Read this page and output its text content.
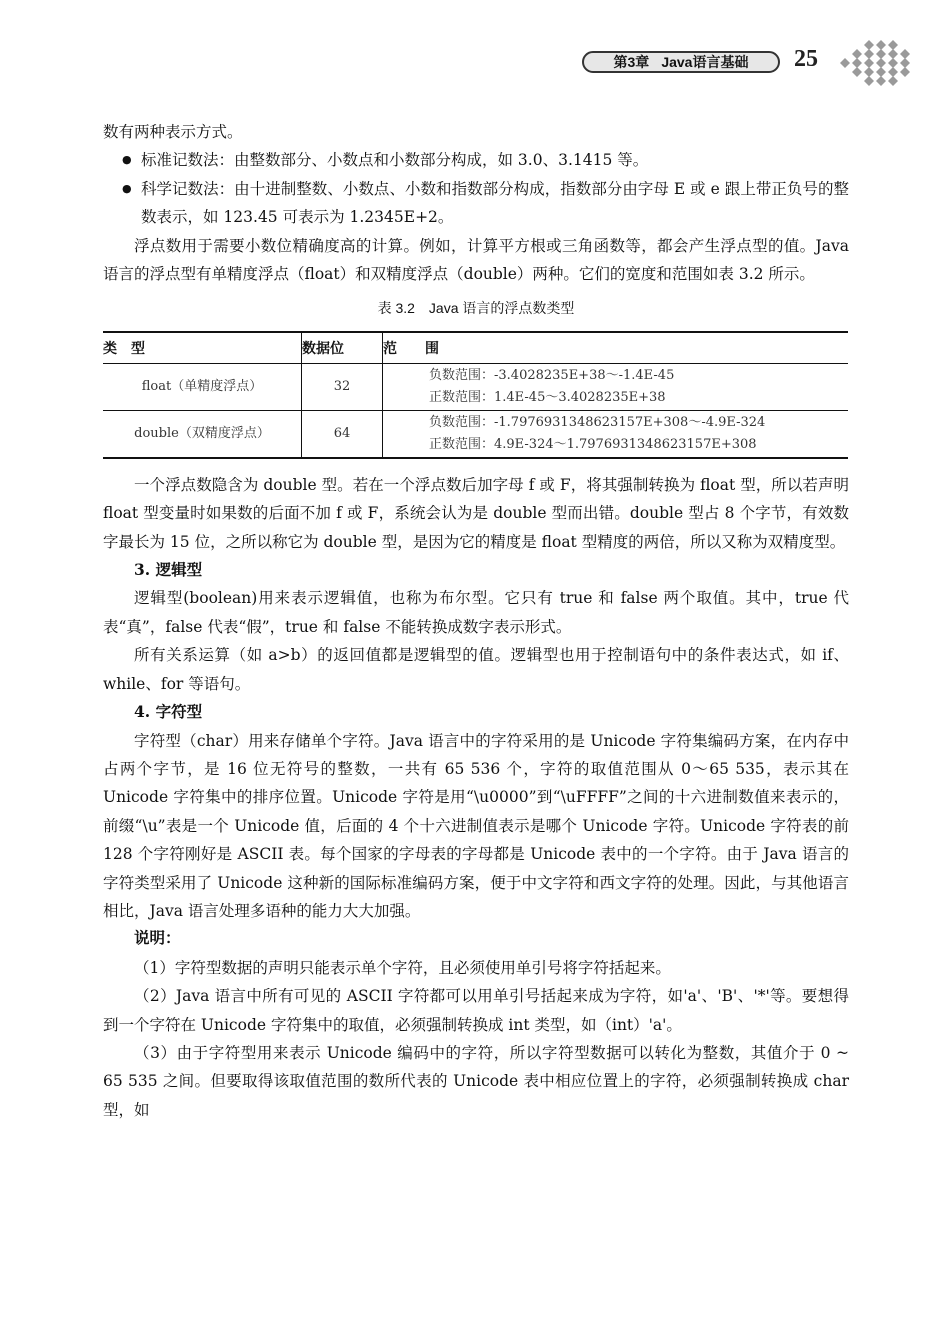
第3章 Java语言基础 25

数有两种表示方式。

● 标准记数法：由整数部分、小数点和小数部分构成，如 3.0、3.1415 等。

● 科学记数法：由十进制整数、小数点、小数和指数部分构成，指数部分由字母 E 或 e 跟上带正负号的整数表示，如 123.45 可表示为 1.2345E+2。

浮点数用于需要小数位精确度高的计算。例如，计算平方根或三角函数等，都会产生浮点型的值。Java 语言的浮点型有单精度浮点（float）和双精度浮点（double）两种。它们的宽度和范围如表 3.2 所示。

表 3.2　Java 语言的浮点数类型
类　型	数据位	范　　围
float（单精度浮点）	32	负数范围：-3.4028235E+38～-1.4E-45
正数范围：1.4E-45～3.4028235E+38

double（双精度浮点）	64	负数范围：-1.7976931348623157E+308～-4.9E-324
正数范围：4.9E-324～1.7976931348623157E+308

一个浮点数隐含为 double 型。若在一个浮点数后加字母 f 或 F，将其强制转换为 float 型，所以若声明 float 型变量时如果数的后面不加 f 或 F，系统会认为是 double 型而出错。double 型占 8 个字节，有效数字最长为 15 位，之所以称它为 double 型，是因为它的精度是 float 型精度的两倍，所以又称为双精度型。

3. 逻辑型

逻辑型(boolean)用来表示逻辑值，也称为布尔型。它只有 true 和 false 两个取值。其中，true 代表“真”，false 代表“假”，true 和 false 不能转换成数字表示形式。

所有关系运算（如 a>b）的返回值都是逻辑型的值。逻辑型也用于控制语句中的条件表达式，如 if、while、for 等语句。

4. 字符型

字符型（char）用来存储单个字符。Java 语言中的字符采用的是 Unicode 字符集编码方案，在内存中占两个字节，是 16 位无符号的整数，一共有 65 536 个，字符的取值范围从 0～65 535，表示其在 Unicode 字符集中的排序位置。Unicode 字符是用“\u0000”到“\uFFFF”之间的十六进制数值来表示的，前缀“\u”表是一个 Unicode 值，后面的 4 个十六进制值表示是哪个 Unicode 字符。Unicode 字符表的前 128 个字符刚好是 ASCII 表。每个国家的字母表的字母都是 Unicode 表中的一个字符。由于 Java 语言的字符类型采用了 Unicode 这种新的国际标准编码方案，便于中文字符和西文字符的处理。因此，与其他语言相比，Java 语言处理多语种的能力大大加强。

说明：

（1）字符型数据的声明只能表示单个字符，且必须使用单引号将字符括起来。

（2）Java 语言中所有可见的 ASCII 字符都可以用单引号括起来成为字符，如'a'、'B'、'*'等。要想得到一个字符在 Unicode 字符集中的取值，必须强制转换成 int 类型，如（int）'a'。

（3）由于字符型用来表示 Unicode 编码中的字符，所以字符型数据可以转化为整数，其值介于 0 ~ 65 535 之间。但要取得该取值范围的数所代表的 Unicode 表中相应位置上的字符，必须强制转换成 char 型，如
